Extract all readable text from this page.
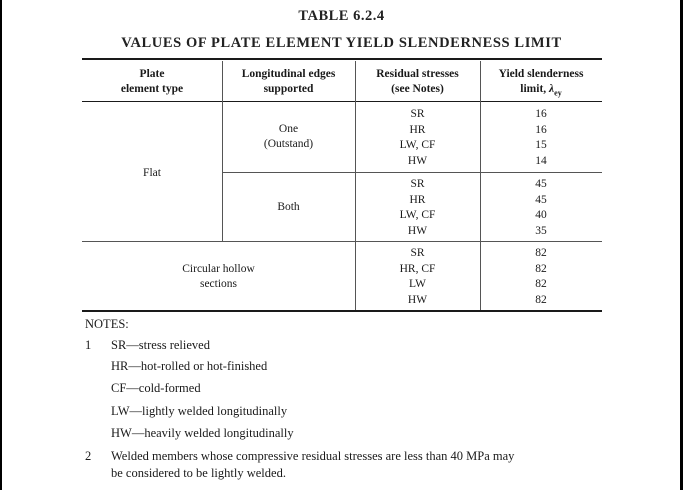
TABLE 6.2.4
VALUES OF PLATE ELEMENT YIELD SLENDERNESS LIMIT
Plate
element type
Longitudinal edges
supported
Residual stresses
(see Notes)
Yield slenderness
limit, $\lambda_{ey}$
Flat
One
(Outstand)
SR
HR
LW, CF
HW
16
16
15
14
Both
SR
HR
LW, CF
HW
45
45
40
35
Circular hollow
sections
SR
HR, CF
LW
HW
82
82
82
82
NOTES:
1 SR—stress relieved
HR—hot-rolled or hot-finished
CF—cold-formed
LW—lightly welded longitudinally
HW—heavily welded longitudinally
2 Welded members whose compressive residual stresses are less than 40 MPa may
be considered to be lightly welded.
